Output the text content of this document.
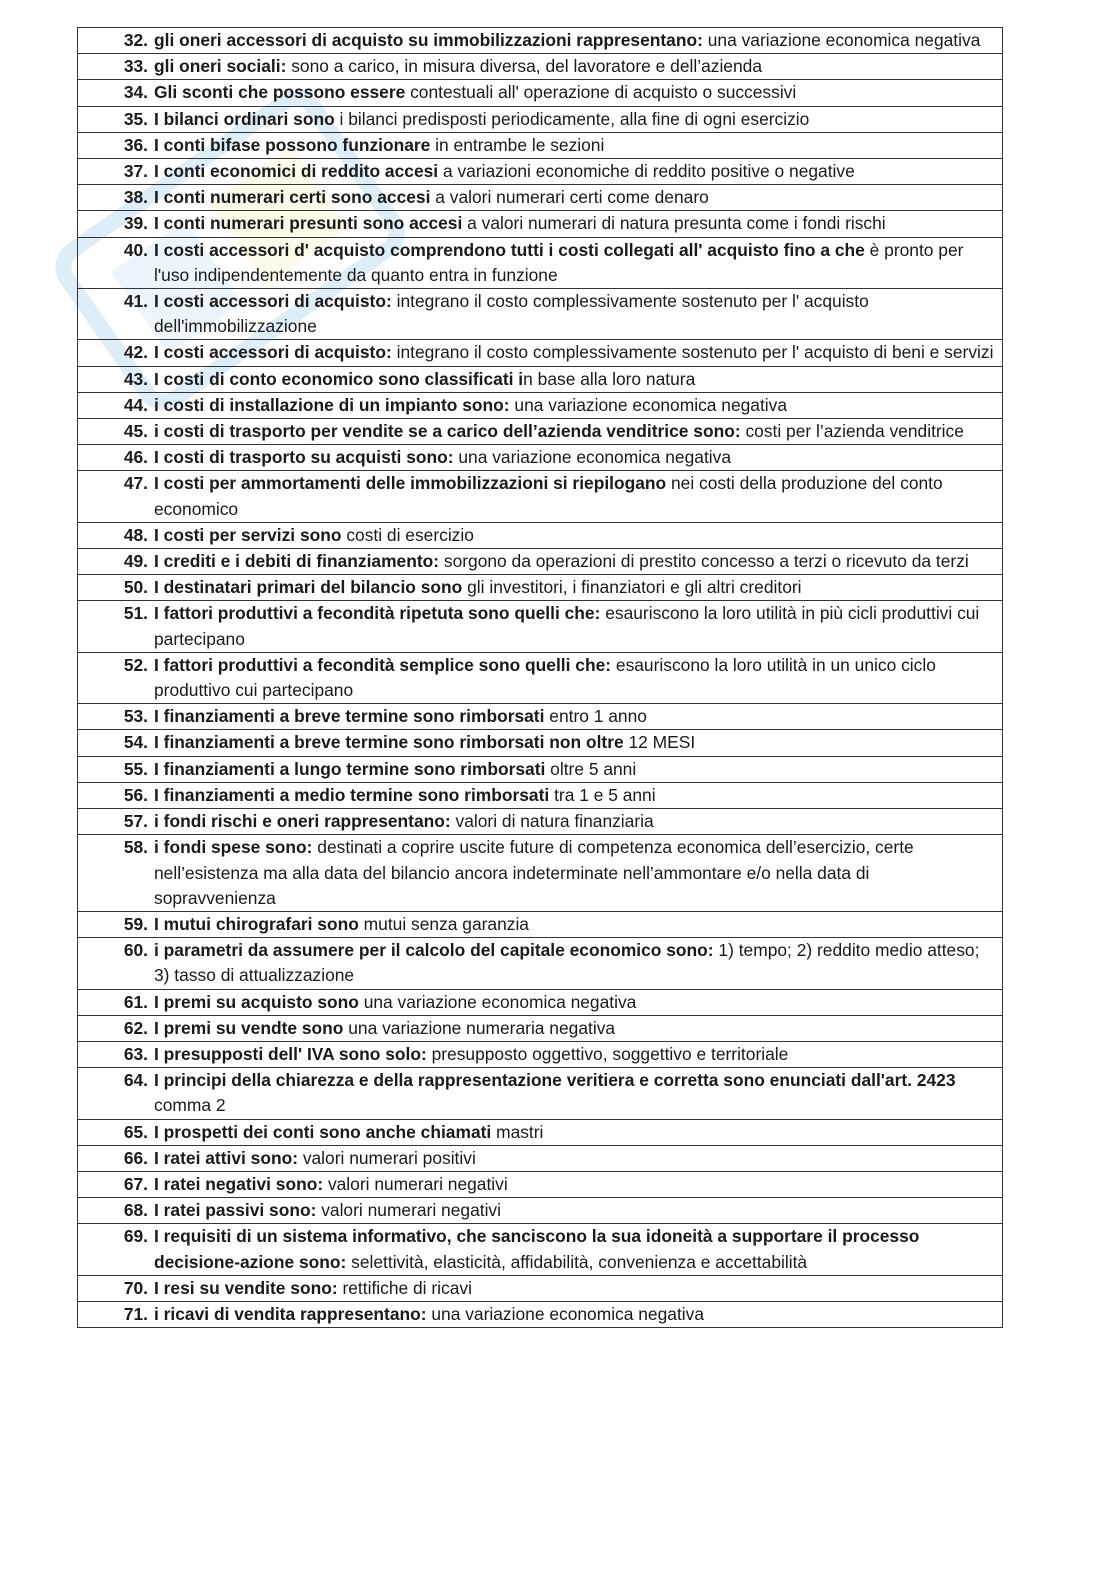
32. gli oneri accessori di acquisto su immobilizzazioni rappresentano: una variazione economica negativa

33. gli oneri sociali: sono a carico, in misura diversa, del lavoratore e dell’azienda

34. Gli sconti che possono essere contestuali all' operazione di acquisto o successivi

35. I bilanci ordinari sono i bilanci predisposti periodicamente, alla fine di ogni esercizio

36. I conti bifase possono funzionare in entrambe le sezioni

37. I conti economici di reddito accesi a variazioni economiche di reddito positive o negative

38. I conti numerari certi sono accesi a valori numerari certi come denaro

39. I conti numerari presunti sono accesi a valori numerari di natura presunta come i fondi rischi

40. I costi accessori d' acquisto comprendono tutti i costi collegati all' acquisto fino a che è pronto per l'uso indipendentemente da quanto entra in funzione

41. I costi accessori di acquisto: integrano il costo complessivamente sostenuto per l' acquisto dell'immobilizzazione

42. I costi accessori di acquisto: integrano il costo complessivamente sostenuto per l' acquisto di beni e servizi

43. I costi di conto economico sono classificati in base alla loro natura

44. i costi di installazione di un impianto sono: una variazione economica negativa

45. i costi di trasporto per vendite se a carico dell’azienda venditrice sono: costi per l’azienda venditrice

46. I costi di trasporto su acquisti sono: una variazione economica negativa

47. I costi per ammortamenti delle immobilizzazioni si riepilogano nei costi della produzione del conto economico

48. I costi per servizi sono costi di esercizio

49. I crediti e i debiti di finanziamento: sorgono da operazioni di prestito concesso a terzi o ricevuto da terzi

50. I destinatari primari del bilancio sono gli investitori, i finanziatori e gli altri creditori

51. I fattori produttivi a fecondità ripetuta sono quelli che: esauriscono la loro utilità in più cicli produttivi cui partecipano

52. I fattori produttivi a fecondità semplice sono quelli che: esauriscono la loro utilità in un unico ciclo produttivo cui partecipano

53. I finanziamenti a breve termine sono rimborsati entro 1 anno

54. I finanziamenti a breve termine sono rimborsati non oltre 12 MESI

55. I finanziamenti a lungo termine sono rimborsati oltre 5 anni

56. I finanziamenti a medio termine sono rimborsati tra 1 e 5 anni

57. i fondi rischi e oneri rappresentano: valori di natura finanziaria

58. i fondi spese sono: destinati a coprire uscite future di competenza economica dell’esercizio, certe nell’esistenza ma alla data del bilancio ancora indeterminate nell’ammontare e/o nella data di sopravvenienza

59. I mutui chirografari sono mutui senza garanzia

60. i parametri da assumere per il calcolo del capitale economico sono: 1) tempo; 2) reddito medio atteso; 3) tasso di attualizzazione

61. I premi su acquisto sono una variazione economica negativa

62. I premi su vendte sono una variazione numeraria negativa

63. I presupposti dell' IVA sono solo: presupposto oggettivo, soggettivo e territoriale

64. I principi della chiarezza e della rappresentazione veritiera e corretta sono enunciati dall'art. 2423 comma 2

65. I prospetti dei conti sono anche chiamati mastri

66. I ratei attivi sono: valori numerari positivi

67. I ratei negativi sono: valori numerari negativi

68. I ratei passivi sono: valori numerari negativi

69. I requisiti di un sistema informativo, che sanciscono la sua idoneità a supportare il processo decisione-azione sono: selettività, elasticità, affidabilità, convenienza e accettabilità

70. I resi su vendite sono: rettifiche di ricavi

71. i ricavi di vendita rappresentano: una variazione economica negativa
